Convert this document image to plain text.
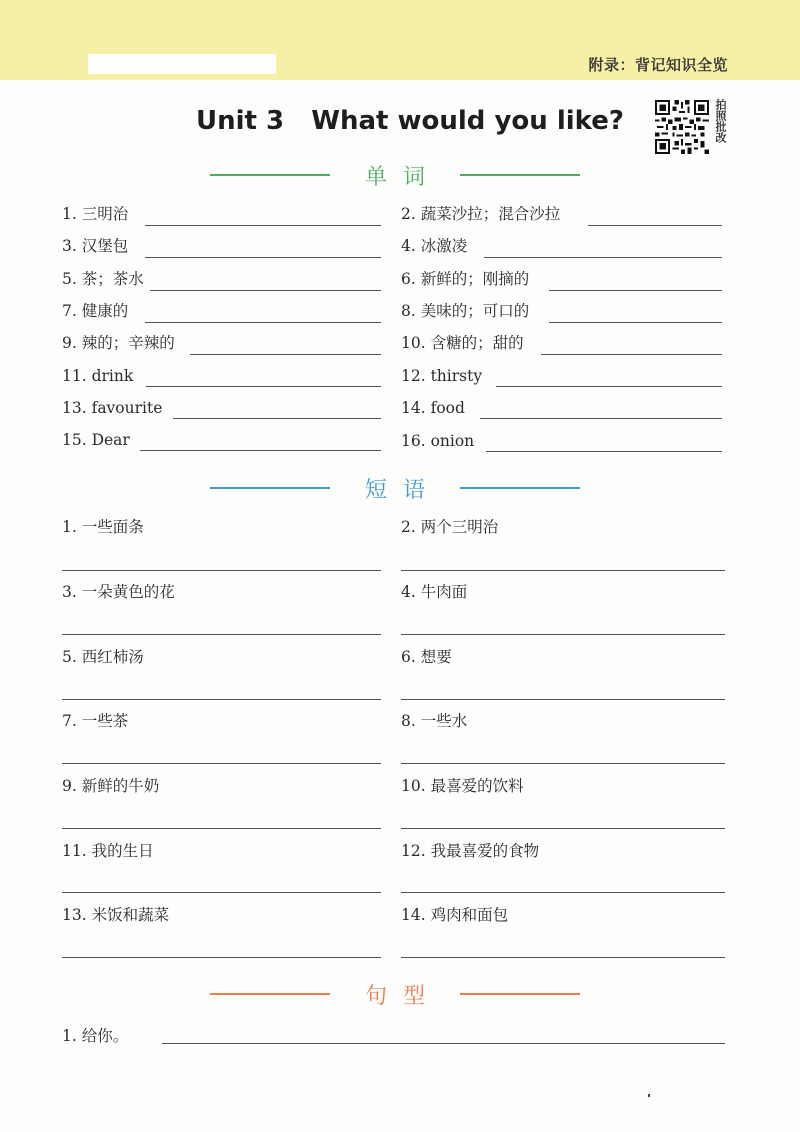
附录：背记知识全览
Unit 3   What would you like?	拍照批改
单词
短语
句型
1. 三明治	2. 蔬菜沙拉；混合沙拉
3. 汉堡包	4. 冰激凌
5. 茶；茶水	6. 新鲜的；刚摘的
7. 健康的	8. 美味的；可口的
9. 辣的；辛辣的	10. 含糖的；甜的
11. drink	12. thirsty
13. favourite	14. food
15. Dear	16. onion
1. 一些面条	2. 两个三明治
3. 一朵黄色的花	4. 牛肉面
5. 西红柿汤	6. 想要
7. 一些茶	8. 一些水
9. 新鲜的牛奶	10. 最喜爱的饮料
11. 我的生日	12. 我最喜爱的食物
13. 米饭和蔬菜	14. 鸡肉和面包
1. 给你。
